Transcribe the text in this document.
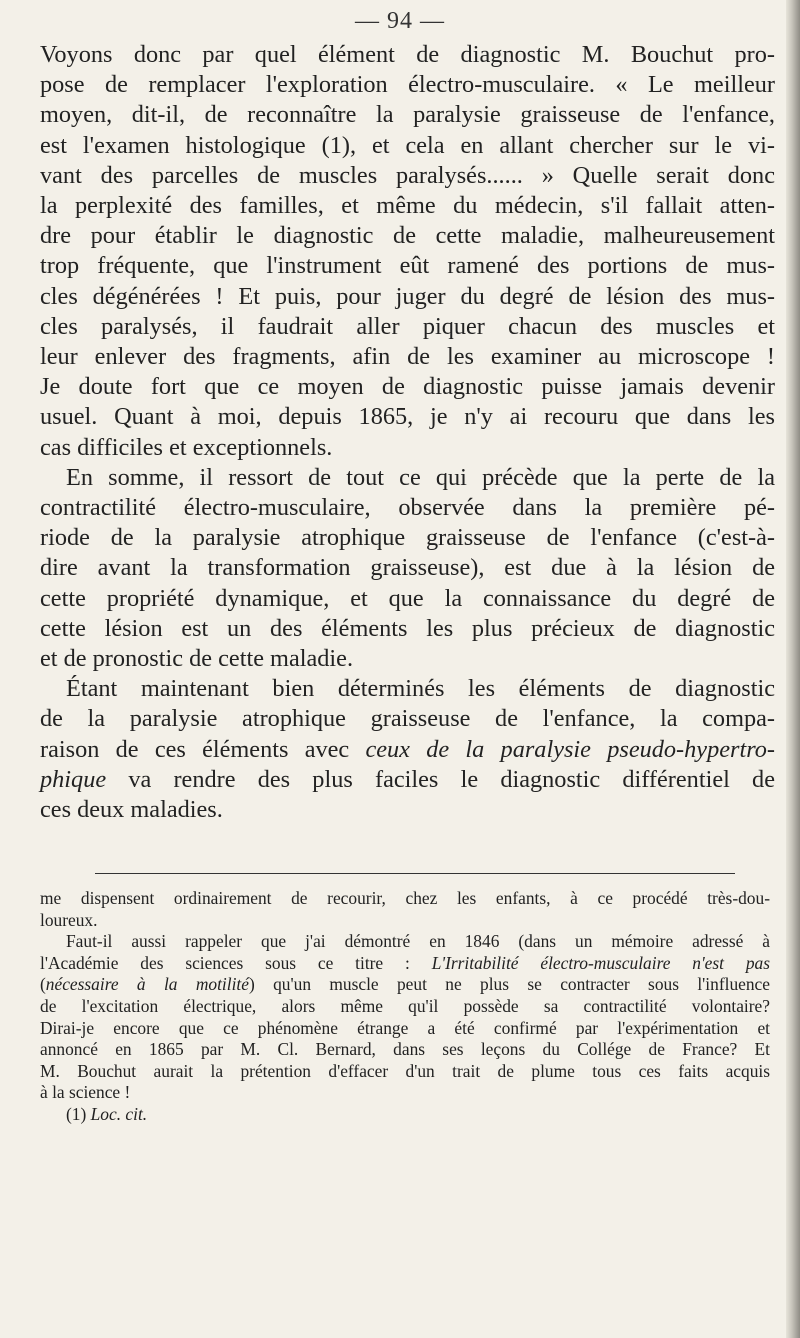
— 94 —

Voyons donc par quel élément de diagnostic M. Bouchut pro-

pose de remplacer l'exploration électro-musculaire. « Le meilleur

moyen, dit-il, de reconnaître la paralysie graisseuse de l'enfance,

est l'examen histologique (1), et cela en allant chercher sur le vi-

vant des parcelles de muscles paralysés...... » Quelle serait donc

la perplexité des familles, et même du médecin, s'il fallait atten-

dre pour établir le diagnostic de cette maladie, malheureusement

trop fréquente, que l'instrument eût ramené des portions de mus-

cles dégénérées ! Et puis, pour juger du degré de lésion des mus-

cles paralysés, il faudrait aller piquer chacun des muscles et

leur enlever des fragments, afin de les examiner au microscope !

Je doute fort que ce moyen de diagnostic puisse jamais devenir

usuel. Quant à moi, depuis 1865, je n'y ai recouru que dans les

cas difficiles et exceptionnels.

En somme, il ressort de tout ce qui précède que la perte de la

contractilité électro-musculaire, observée dans la première pé-

riode de la paralysie atrophique graisseuse de l'enfance (c'est-à-

dire avant la transformation graisseuse), est due à la lésion de

cette propriété dynamique, et que la connaissance du degré de

cette lésion est un des éléments les plus précieux de diagnostic

et de pronostic de cette maladie.

Étant maintenant bien déterminés les éléments de diagnostic

de la paralysie atrophique graisseuse de l'enfance, la compa-

raison de ces éléments avec ceux de la paralysie pseudo-hypertro-

phique va rendre des plus faciles le diagnostic différentiel de

ces deux maladies.

me dispensent ordinairement de recourir, chez les enfants, à ce procédé très-dou-

loureux.

Faut-il aussi rappeler que j'ai démontré en 1846 (dans un mémoire adressé à

l'Académie des sciences sous ce titre : L'Irritabilité électro-musculaire n'est pas

(nécessaire à la motilité) qu'un muscle peut ne plus se contracter sous l'influence

de l'excitation électrique, alors même qu'il possède sa contractilité volontaire?

Dirai-je encore que ce phénomène étrange a été confirmé par l'expérimentation et

annoncé en 1865 par M. Cl. Bernard, dans ses leçons du Collége de France? Et

M. Bouchut aurait la prétention d'effacer d'un trait de plume tous ces faits acquis

à la science !

(1) Loc. cit.
